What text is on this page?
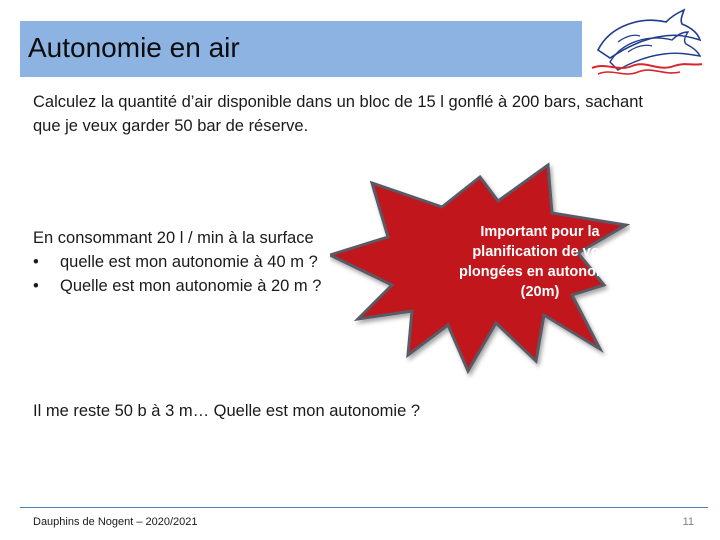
Autonomie en air
Calculez la quantité d’air disponible dans un bloc de 15 l gonflé à 200 bars, sachant que je veux garder 50 bar de réserve.
En consommant 20 l / min à la surface
• quelle est mon autonomie à 40 m ?
• Quelle est mon autonomie à 20 m ?
Important pour la planification de vos plongées en autonomie (20m)
Il me reste 50 b à 3 m… Quelle est mon autonomie ?
Dauphins de Nogent – 2020/2021	11
